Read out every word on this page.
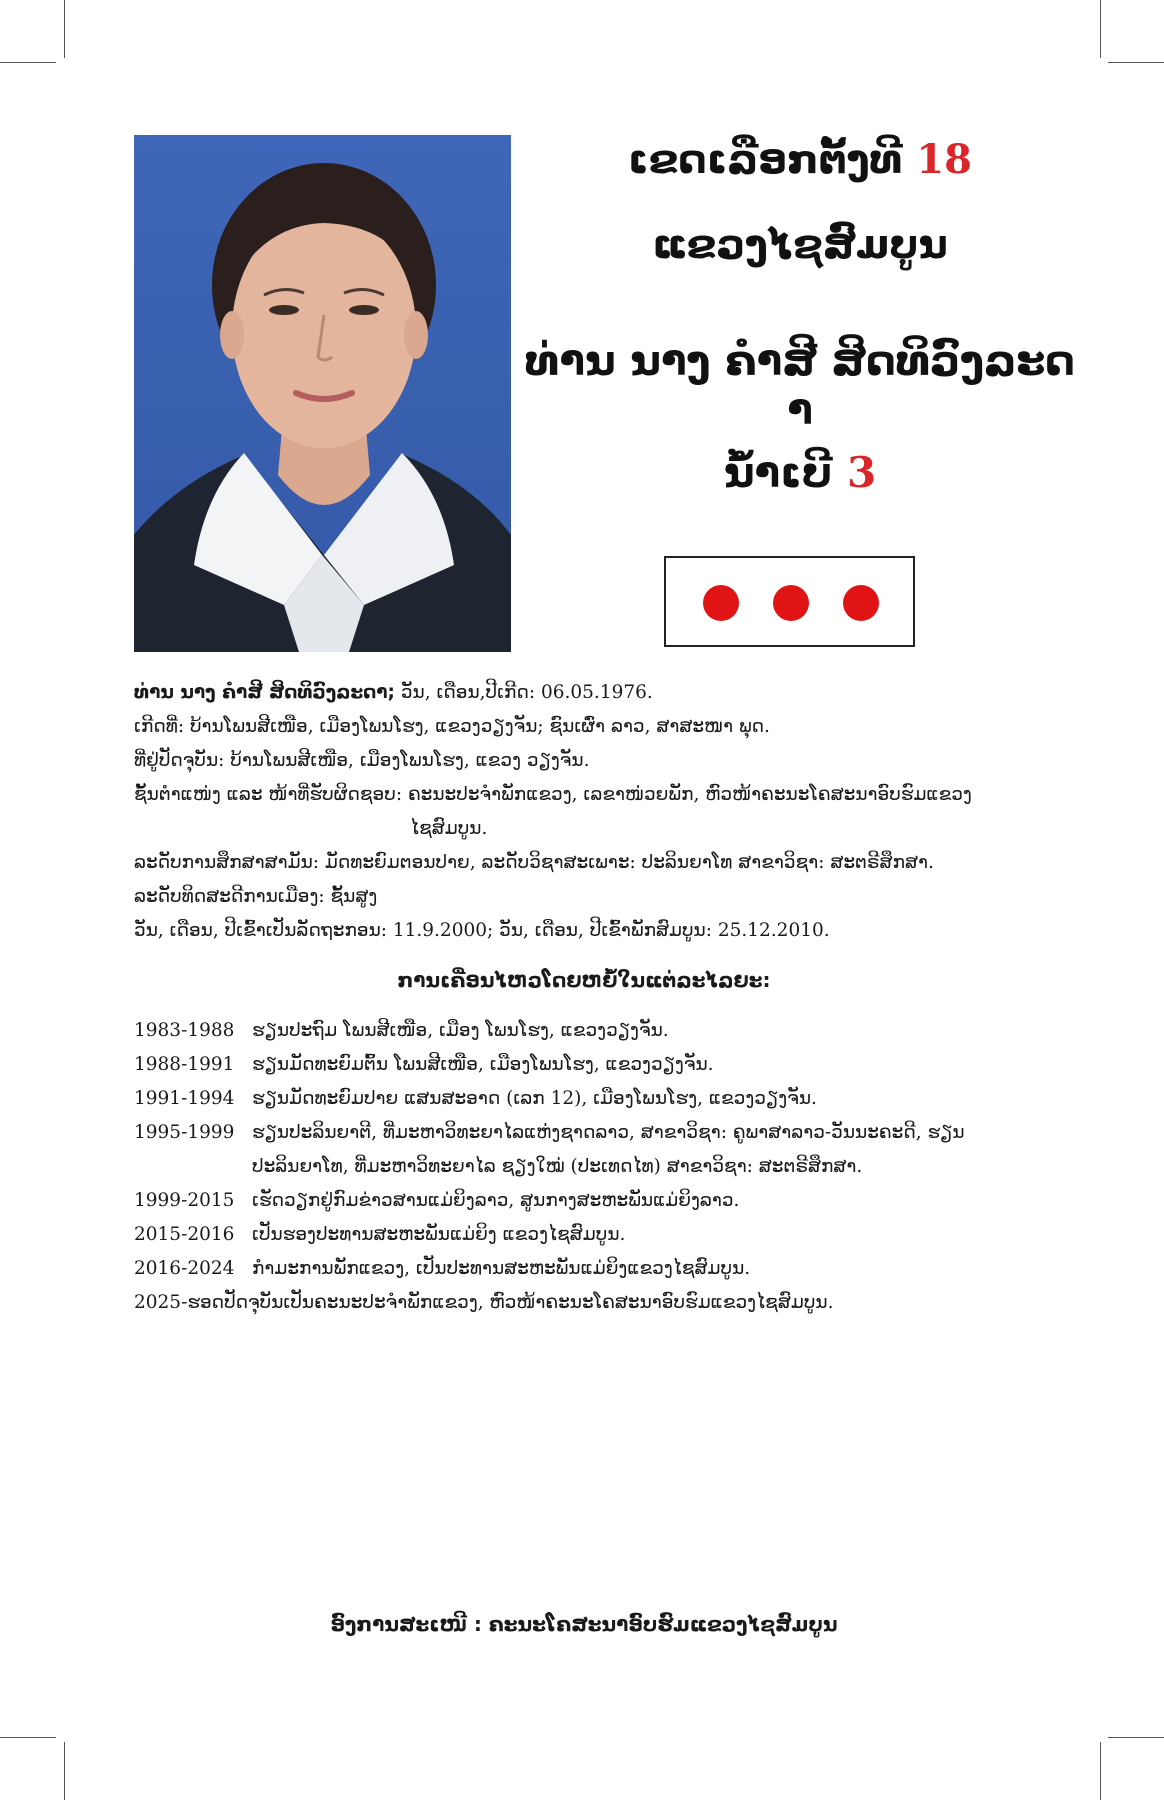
ເຂດເລືອກຕັ້ງທີ 18
ແຂວງໄຊສົມບູນ
ທ່ານ ນາງ ຄຳສີ ສິດທິວົງລະດາ
ນ້ຳເບີ 3
ທ່ານ ນາງ ຄຳສີ ສິດທິວົງລະດາ; ວັນ, ເດືອນ,ປີເກີດ: 06.05.1976.
ເກີດທີ່: ບ້ານໂພນສີເໜືອ, ເມືອງໂພນໂຮງ, ແຂວງວຽງຈັນ; ຊົນເຜົ່າ ລາວ, ສາສະໜາ ພຸດ.
ທີ່ຢູ່ປັດຈຸບັນ: ບ້ານໂພນສີເໜືອ, ເມືອງໂພນໂຮງ, ແຂວງ ວຽງຈັນ.
ຊັ້ນຕຳແໜ່ງ ແລະ ໜ້າທີ່ຮັບຜິດຊອບ: ຄະນະປະຈຳພັກແຂວງ, ເລຂາໜ່ວຍພັກ, ຫົວໜ້າຄະນະໂຄສະນາອົບຮົມແຂວງ
ໄຊສົມບູນ.
ລະດັບການສຶກສາສາມັນ: ມັດທະຍົມຕອນປາຍ, ລະດັບວິຊາສະເພາະ: ປະລິນຍາໂທ ສາຂາວິຊາ: ສະຕຣີສຶກສາ.
ລະດັບທິດສະດີການເມືອງ: ຊັ້ນສູງ
ວັນ, ເດືອນ, ປີເຂົ້າເປັນລັດຖະກອນ: 11.9.2000; ວັນ, ເດືອນ, ປີເຂົ້າພັກສົມບູນ: 25.12.2010.
ການເຄື່ອນໄຫວໂດຍຫຍໍ້ໃນແຕ່ລະໄລຍະ:
1983-1988 ຮຽນປະຖົມ ໂພນສີເໜືອ, ເມືອງ ໂພນໂຮງ, ແຂວງວຽງຈັນ.
1988-1991 ຮຽນມັດທະຍົມຕົ້ນ ໂພນສີເໜືອ, ເມືອງໂພນໂຮງ, ແຂວງວຽງຈັນ.
1991-1994 ຮຽນມັດທະຍົມປາຍ ແສນສະອາດ (ເລກ 12), ເມືອງໂພນໂຮງ, ແຂວງວຽງຈັນ.
1995-1999 ຮຽນປະລິນຍາຕີ, ທີ່ມະຫາວິທະຍາໄລແຫ່ງຊາດລາວ, ສາຂາວິຊາ: ຄູພາສາລາວ-ວັນນະຄະດີ, ຮຽນປະລິນຍາໂທ, ທີ່ມະຫາວິທະຍາໄລ ຊຽງໃໝ່ (ປະເທດໄທ) ສາຂາວິຊາ: ສະຕຣີສຶກສາ.
1999-2015 ເຮັດວຽກຢູ່ກົມຂ່າວສານແມ່ຍິງລາວ, ສູນກາງສະຫະພັນແມ່ຍິງລາວ.
2015-2016 ເປັນຮອງປະທານສະຫະພັນແມ່ຍິງ ແຂວງໄຊສົມບູນ.
2016-2024 ກຳມະການພັກແຂວງ, ເປັນປະທານສະຫະພັນແມ່ຍິງແຂວງໄຊສົມບູນ.
2025-ຮອດປັດຈຸບັນເປັນຄະນະປະຈຳພັກແຂວງ, ຫົວໜ້າຄະນະໂຄສະນາອົບຮົມແຂວງໄຊສົມບູນ.
ອົງການສະເໜີ : ຄະນະໂຄສະນາອົບຮົມແຂວງໄຊສົມບູນ
